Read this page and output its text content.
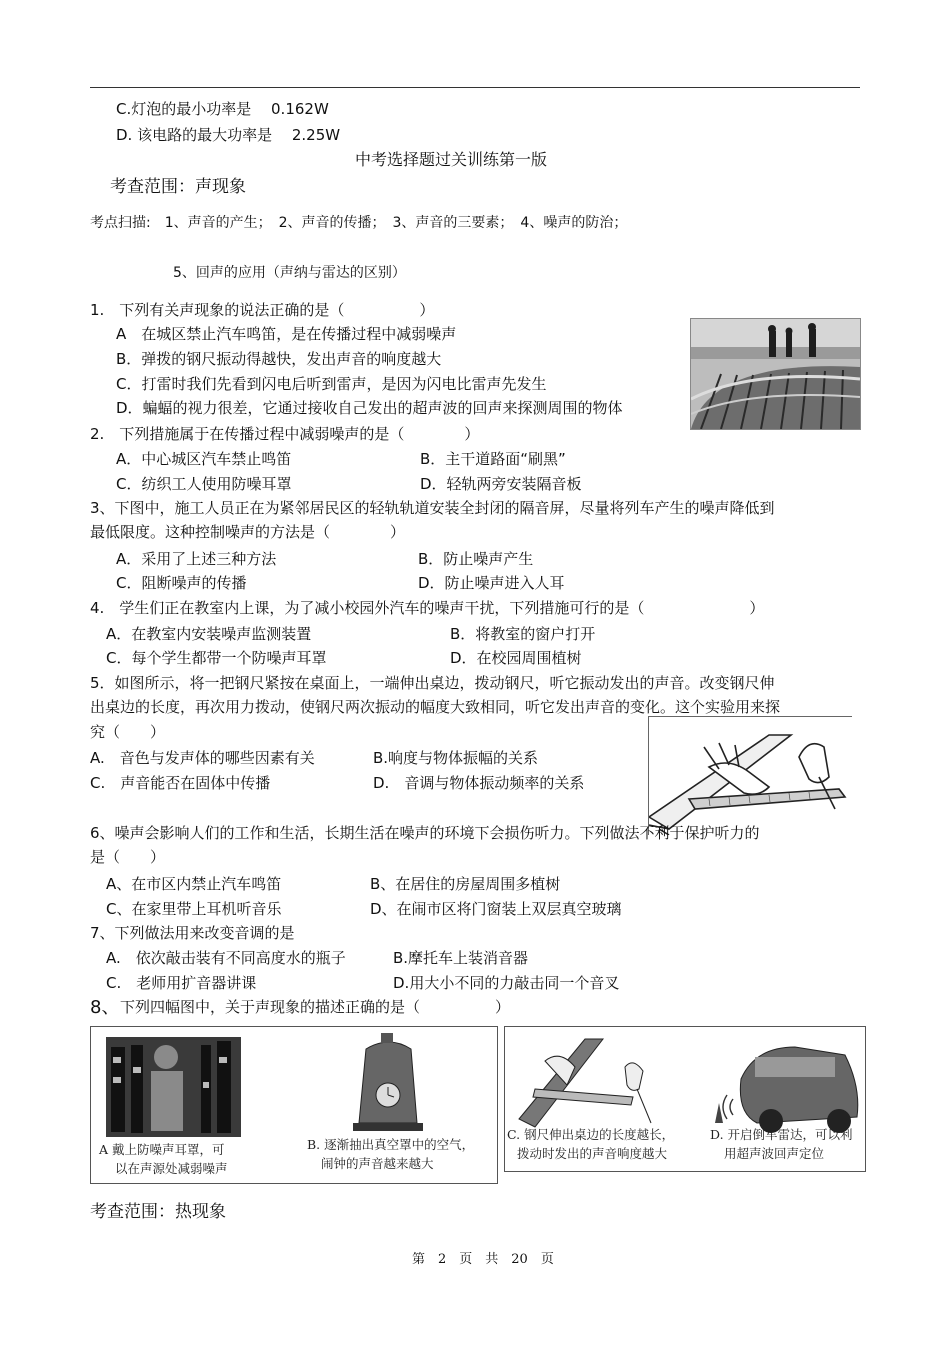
C.灯泡的最小功率是　 0.162W
D. 该电路的最大功率是　 2.25W
中考选择题过关训练第一版
考查范围：声现象
考点扫描:　1、声音的产生；　2、声音的传播；　3、声音的三要素；　4、噪声的防治；
5、回声的应用（声纳与雷达的区别）
1.　下列有关声现象的说法正确的是（　　　　　）
A　在城区禁止汽车鸣笛，是在传播过程中减弱噪声
B．弹拨的钢尺振动得越快，发出声音的响度越大
C．打雷时我们先看到闪电后听到雷声，是因为闪电比雷声先发生
D．蝙蝠的视力很差，它通过接收自己发出的超声波的回声来探测周围的物体
2.　下列措施属于在传播过程中减弱噪声的是（　　　　）
A．中心城区汽车禁止鸣笛	B．主干道路面“刷黑”
C．纺织工人使用防噪耳罩	D．轻轨两旁安装隔音板
3、下图中，施工人员正在为紧邻居民区的轻轨轨道安装全封闭的隔音屏，尽量将列车产生的噪声降低到
最低限度。这种控制噪声的方法是（　　　　）
A．采用了上述三种方法	B．防止噪声产生
C．阻断噪声的传播	D．防止噪声进入人耳
4.　学生们正在教室内上课，为了减小校园外汽车的噪声干扰，下列措施可行的是（　　　　　　　）
A．在教室内安装噪声监测装置	B．将教室的窗户打开
C．每个学生都带一个防噪声耳罩	D．在校园周围植树
5．如图所示，将一把钢尺紧按在桌面上，一端伸出桌边，拨动钢尺，听它振动发出的声音。改变钢尺伸
出桌边的长度，再次用力拨动，使钢尺两次振动的幅度大致相同，听它发出声音的变化。这个实验用来探
究（　　）
A.　音色与发声体的哪些因素有关	B.响度与物体振幅的关系
C.　声音能否在固体中传播	D.　音调与物体振动频率的关系
6、噪声会影响人们的工作和生活，长期生活在噪声的环境下会损伤听力。下列做法不利于保护听力的
是（　　）
A、在市区内禁止汽车鸣笛	B、在居住的房屋周围多植树
C、在家里带上耳机听音乐	D、在闹市区将门窗装上双层真空玻璃
7、下列做法用来改变音调的是
A.　依次敲击装有不同高度水的瓶子	B.摩托车上装消音器
C.　老师用扩音器讲课	D.用大小不同的力敲击同一个音叉
8、 下列四幅图中，关于声现象的描述正确的是（　　　　　）
A 戴上防噪声耳罩，可
以在声源处减弱噪声
B. 逐渐抽出真空罩中的空气，
闹钟的声音越来越大
C. 钢尺伸出桌边的长度越长，
拨动时发出的声音响度越大
D. 开启倒车雷达，可以利
用超声波回声定位
考查范围：热现象
第　2　页　共　20　页
